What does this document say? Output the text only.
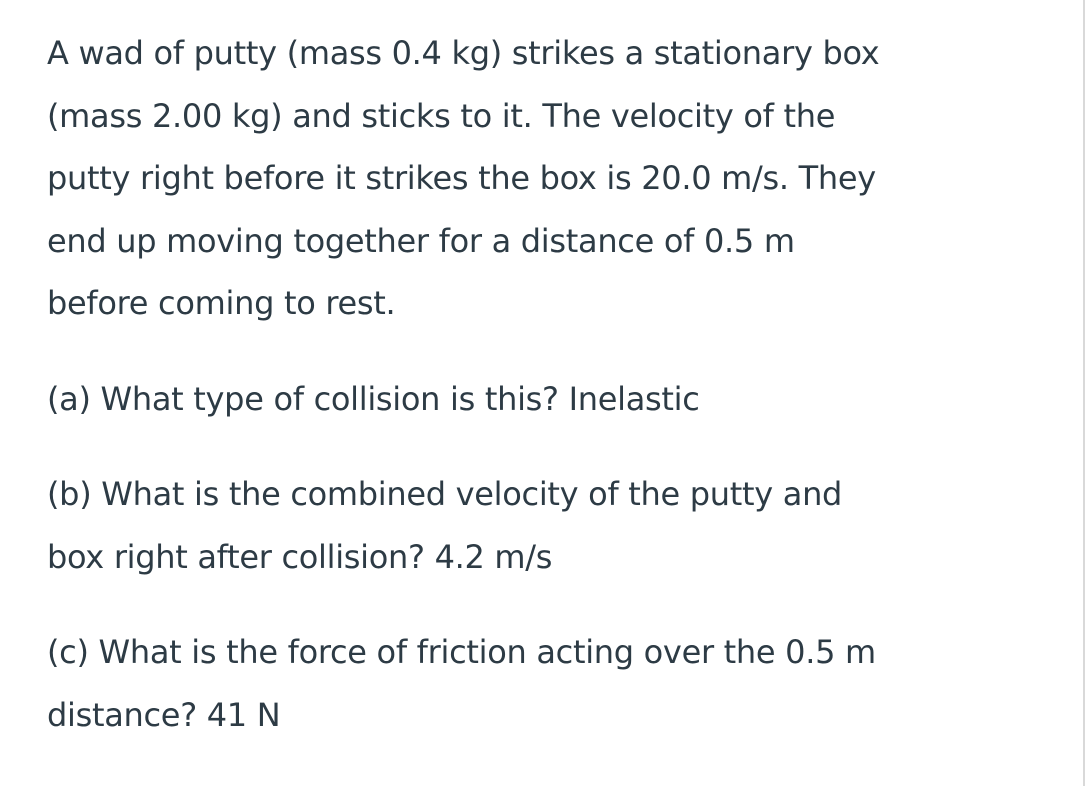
A wad of putty (mass 0.4 kg) strikes a stationary box
(mass 2.00 kg) and sticks to it. The velocity of the
putty right before it strikes the box is 20.0 m/s. They
end up moving together for a distance of 0.5 m
before coming to rest.

(a) What type of collision is this? Inelastic

(b) What is the combined velocity of the putty and
box right after collision? 4.2 m/s

(c) What is the force of friction acting over the 0.5 m
distance? 41 N
